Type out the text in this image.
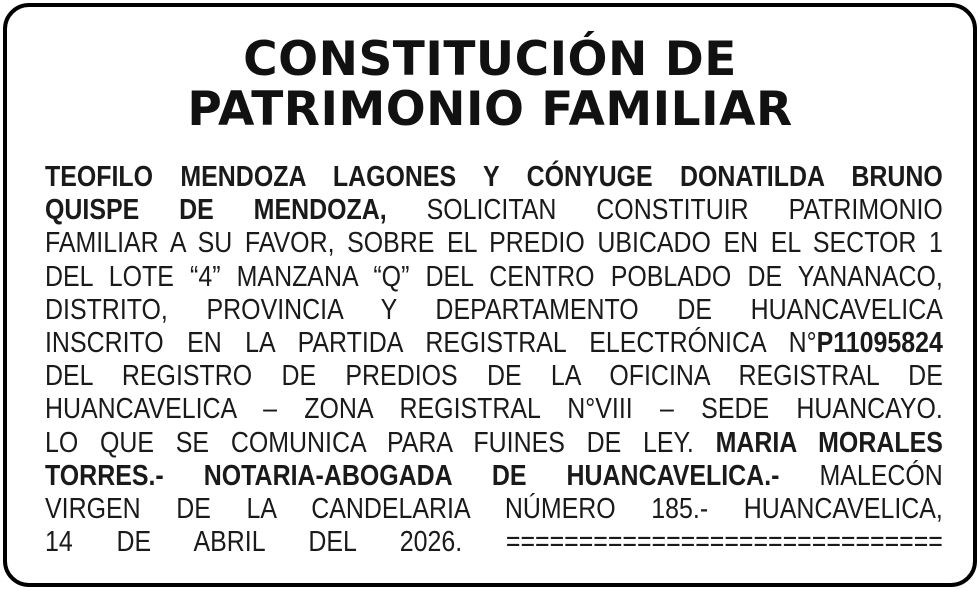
CONSTITUCIÓN DE
PATRIMONIO FAMILIAR
TEOFILO MENDOZA LAGONES Y CÓNYUGE DONATILDA BRUNO
QUISPE DE MENDOZA, SOLICITAN CONSTITUIR PATRIMONIO
FAMILIAR A SU FAVOR, SOBRE EL PREDIO UBICADO EN EL SECTOR 1
DEL LOTE “4” MANZANA “Q” DEL CENTRO POBLADO DE YANANACO,
DISTRITO, PROVINCIA Y DEPARTAMENTO DE HUANCAVELICA
INSCRITO EN LA PARTIDA REGISTRAL ELECTRÓNICA N°P11095824
DEL REGISTRO DE PREDIOS DE LA OFICINA REGISTRAL DE
HUANCAVELICA – ZONA REGISTRAL N°VIII – SEDE HUANCAYO.
LO QUE SE COMUNICA PARA FUINES DE LEY. MARIA MORALES
TORRES.- NOTARIA-ABOGADA DE HUANCAVELICA.- MALECÓN
VIRGEN DE LA CANDELARIA NÚMERO 185.- HUANCAVELICA,
14 DE ABRIL DEL 2026. ==============================
